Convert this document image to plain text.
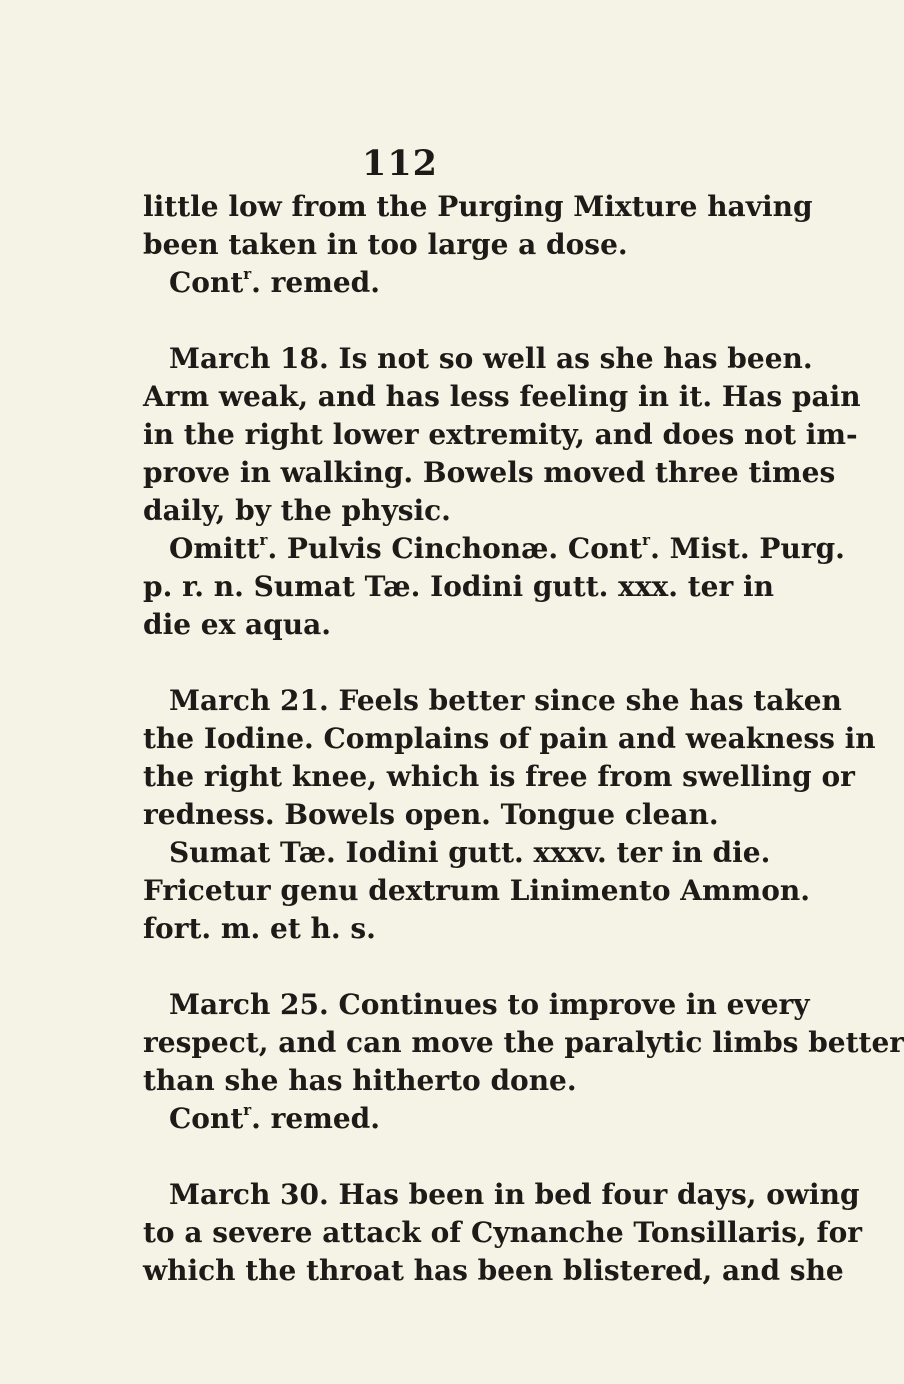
112
little low from the Purging Mixture having
been taken in too large a dose.
Cont$^r$. remed.
March 18. Is not so well as she has been.
Arm weak, and has less feeling in it. Has pain
in the right lower extremity, and does not im-
prove in walking. Bowels moved three times
daily, by the physic.
Omitt$^r$. Pulvis Cinchonæ. Cont$^r$. Mist. Purg.
p. r. n. Sumat Tæ. Iodini gutt. xxx. ter in
die ex aqua.
March 21. Feels better since she has taken
the Iodine. Complains of pain and weakness in
the right knee, which is free from swelling or
redness. Bowels open. Tongue clean.
Sumat Tæ. Iodini gutt. xxxv. ter in die.
Fricetur genu dextrum Linimento Ammon.
fort. m. et h. s.
March 25. Continues to improve in every
respect, and can move the paralytic limbs better
than she has hitherto done.
Cont$^r$. remed.
March 30. Has been in bed four days, owing
to a severe attack of Cynanche Tonsillaris, for
which the throat has been blistered, and she
